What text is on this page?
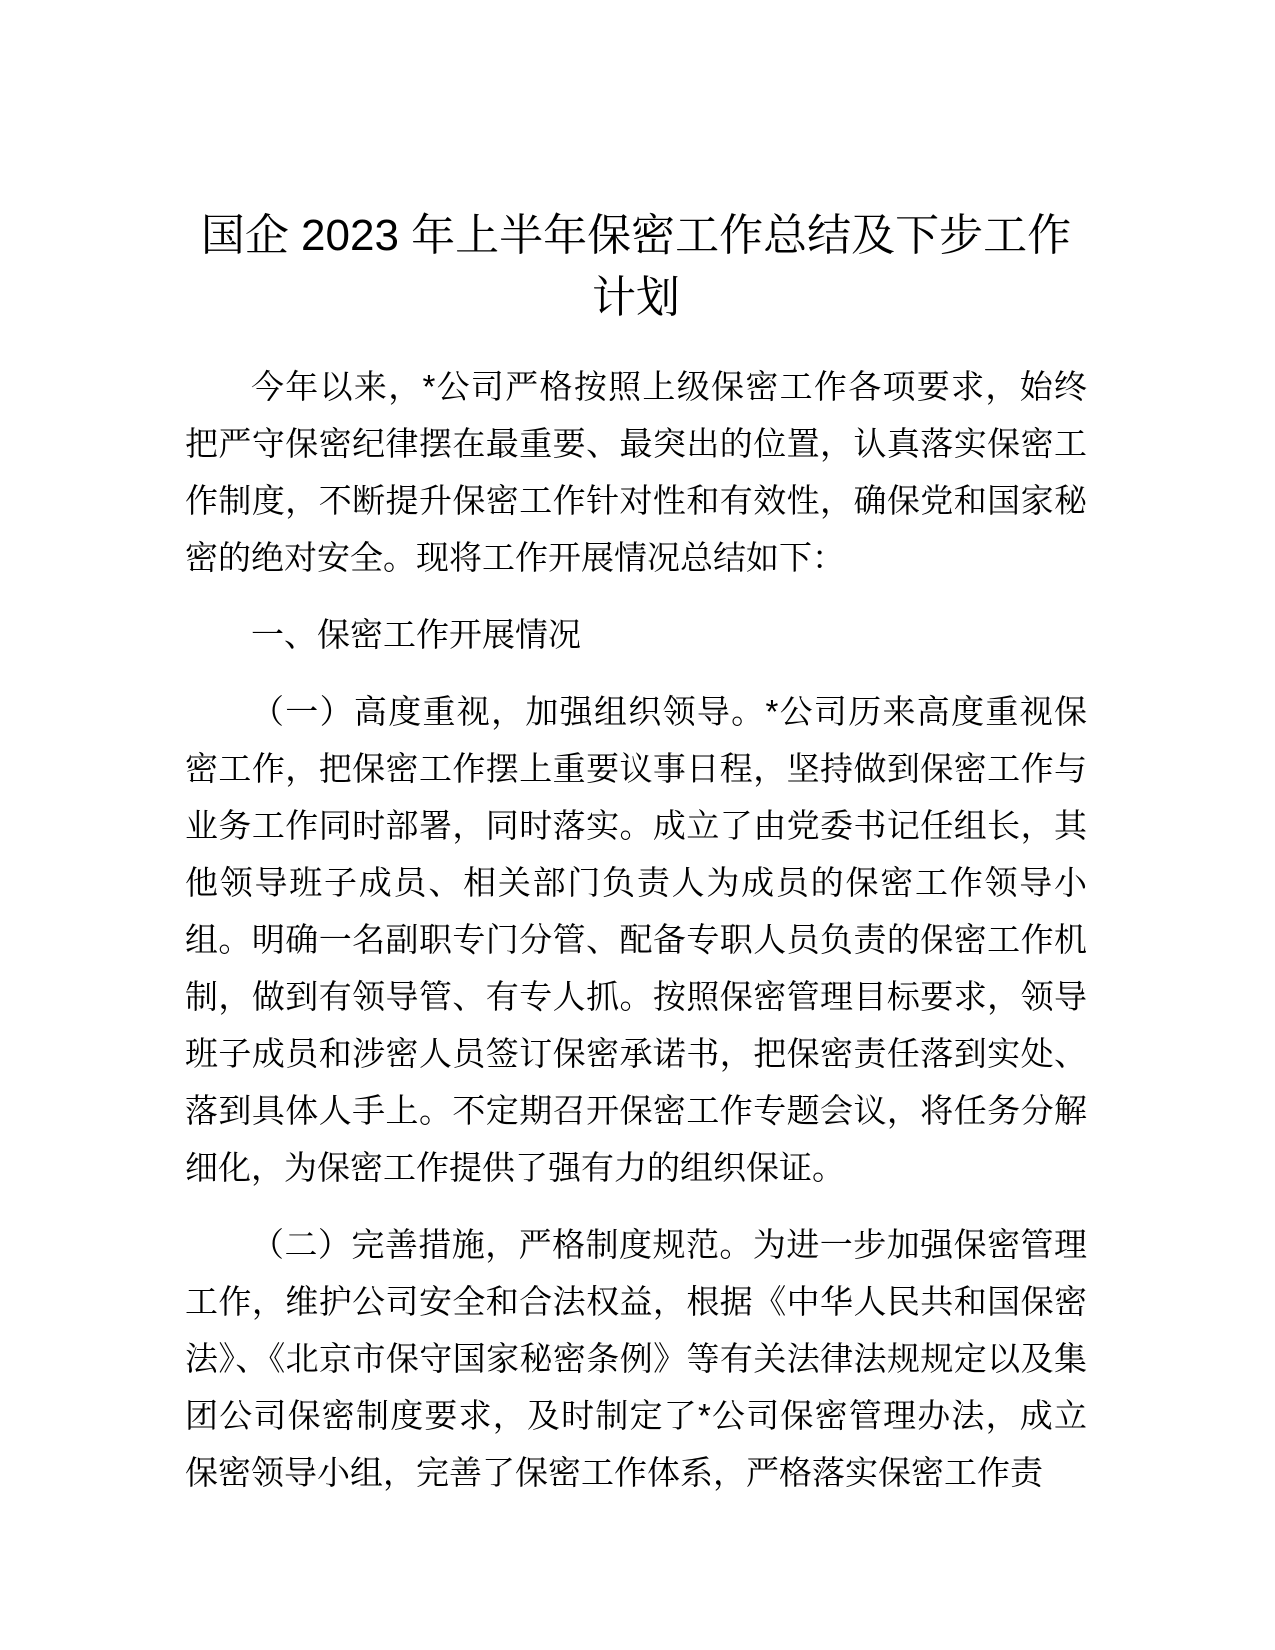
国企 2023 年上半年保密工作总结及下步工作计划

今年以来，*公司严格按照上级保密工作各项要求，始终把严守保密纪律摆在最重要、最突出的位置，认真落实保密工作制度，不断提升保密工作针对性和有效性，确保党和国家秘密的绝对安全。现将工作开展情况总结如下：

一、保密工作开展情况

（一）高度重视，加强组织领导。*公司历来高度重视保密工作，把保密工作摆上重要议事日程，坚持做到保密工作与业务工作同时部署，同时落实。成立了由党委书记任组长，其他领导班子成员、相关部门负责人为成员的保密工作领导小组。明确一名副职专门分管、配备专职人员负责的保密工作机制，做到有领导管、有专人抓。按照保密管理目标要求，领导班子成员和涉密人员签订保密承诺书，把保密责任落到实处、落到具体人手上。不定期召开保密工作专题会议，将任务分解细化，为保密工作提供了强有力的组织保证。

（二）完善措施，严格制度规范。为进一步加强保密管理工作，维护公司安全和合法权益，根据《中华人民共和国保密法》、《北京市保守国家秘密条例》等有关法律法规规定以及集团公司保密制度要求，及时制定了*公司保密管理办法，成立保密领导小组，完善了保密工作体系，严格落实保密工作责
